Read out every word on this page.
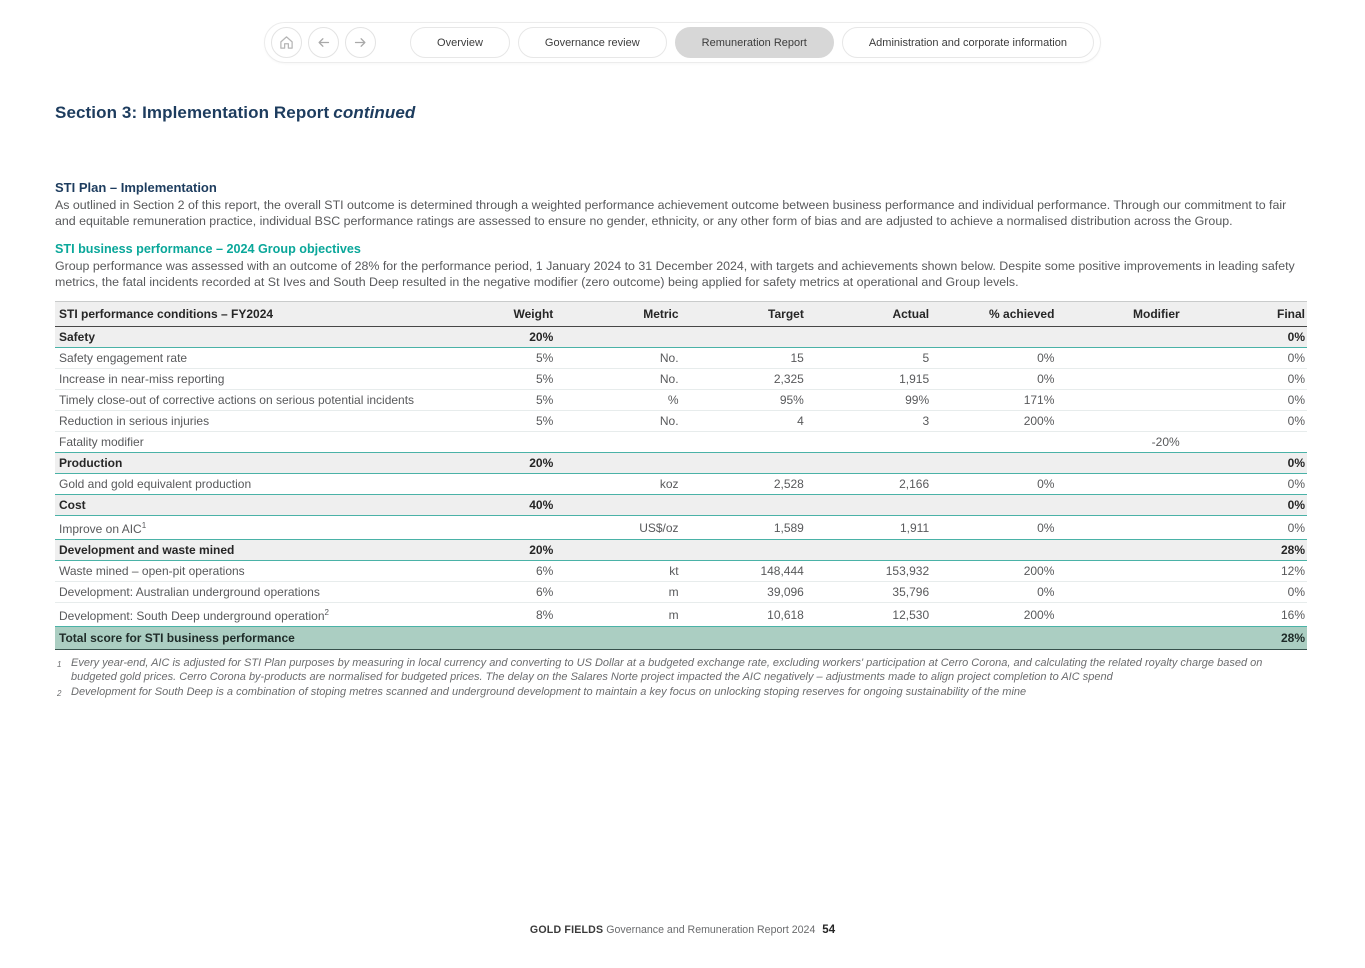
Overview	Governance review	Remuneration Report	Administration and corporate information
Section 3: Implementation Report continued
STI Plan – Implementation
As outlined in Section 2 of this report, the overall STI outcome is determined through a weighted performance achievement outcome between business performance and individual performance. Through our commitment to fair and equitable remuneration practice, individual BSC performance ratings are assessed to ensure no gender, ethnicity, or any other form of bias and are adjusted to achieve a normalised distribution across the Group.
STI business performance – 2024 Group objectives
Group performance was assessed with an outcome of 28% for the performance period, 1 January 2024 to 31 December 2024, with targets and achievements shown below. Despite some positive improvements in leading safety metrics, the fatal incidents recorded at St Ives and South Deep resulted in the negative modifier (zero outcome) being applied for safety metrics at operational and Group levels.
STI performance conditions – FY2024	Weight	Metric	Target	Actual	% achieved	Modifier	Final
Safety	20%						0%
Safety engagement rate	5%	No.	15	5	0%		0%
Increase in near-miss reporting	5%	No.	2,325	1,915	0%		0%
Timely close-out of corrective actions on serious potential incidents	5%	%	95%	99%	171%		0%
Reduction in serious injuries	5%	No.	4	3	200%		0%
Fatality modifier						-20%	
Production	20%						0%
Gold and gold equivalent production		koz	2,528	2,166	0%		0%
Cost	40%						0%
Improve on AIC$^1$		US$/oz	1,589	1,911	0%		0%
Development and waste mined	20%						28%
Waste mined – open-pit operations	6%	kt	148,444	153,932	200%		12%
Development: Australian underground operations	6%	m	39,096	35,796	0%		0%
Development: South Deep underground operation$^2$	8%	m	10,618	12,530	200%		16%
Total score for STI business performance							28%
1 Every year-end, AIC is adjusted for STI Plan purposes by measuring in local currency and converting to US Dollar at a budgeted exchange rate, excluding workers' participation at Cerro Corona, and calculating the related royalty charge based on budgeted gold prices. Cerro Corona by-products are normalised for budgeted prices. The delay on the Salares Norte project impacted the AIC negatively – adjustments made to align project completion to AIC spend
2 Development for South Deep is a combination of stoping metres scanned and underground development to maintain a key focus on unlocking stoping reserves for ongoing sustainability of the mine
GOLD FIELDS Governance and Remuneration Report 2024 54
